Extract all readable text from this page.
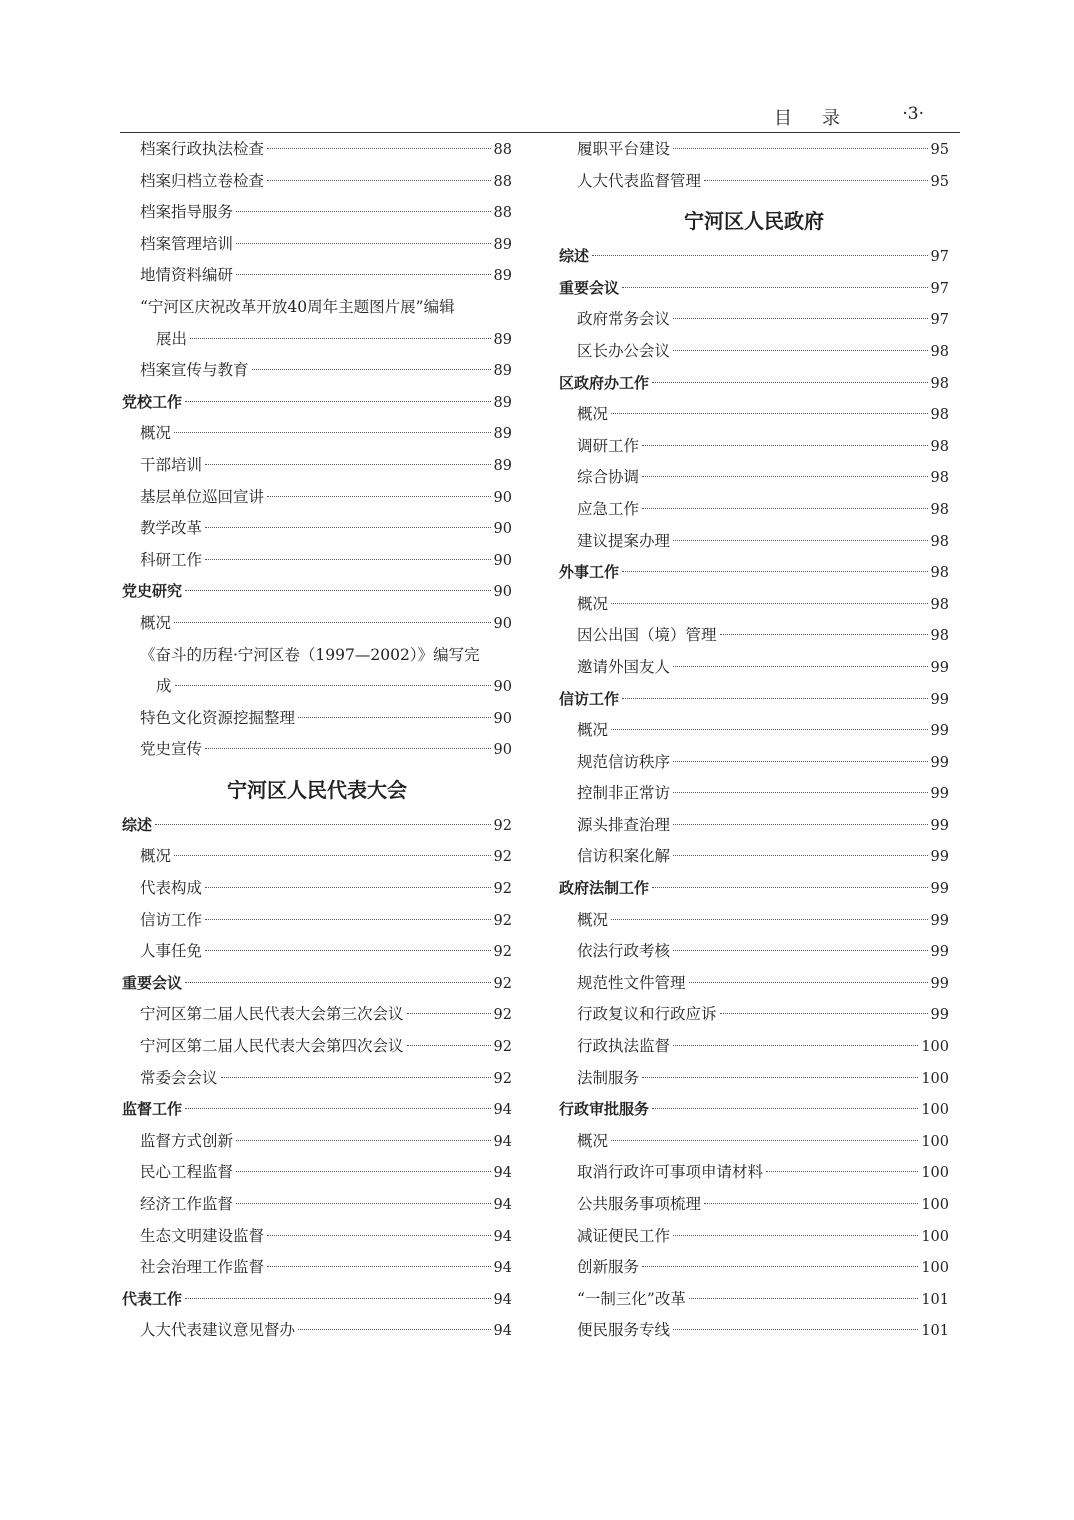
目　录	·3·
档案行政执法检查	88
档案归档立卷检查	88
档案指导服务	88
档案管理培训	89
地情资料编研	89
“宁河区庆祝改革开放40周年主题图片展”编辑
展出	89
档案宣传与教育	89
党校工作	89
概况	89
干部培训	89
基层单位巡回宣讲	90
教学改革	90
科研工作	90
党史研究	90
概况	90
《奋斗的历程·宁河区卷（1997—2002）》编写完
成	90
特色文化资源挖掘整理	90
党史宣传	90
宁河区人民代表大会
综述	92
概况	92
代表构成	92
信访工作	92
人事任免	92
重要会议	92
宁河区第二届人民代表大会第三次会议	92
宁河区第二届人民代表大会第四次会议	92
常委会会议	92
监督工作	94
监督方式创新	94
民心工程监督	94
经济工作监督	94
生态文明建设监督	94
社会治理工作监督	94
代表工作	94
人大代表建议意见督办	94
履职平台建设	95
人大代表监督管理	95
宁河区人民政府
综述	97
重要会议	97
政府常务会议	97
区长办公会议	98
区政府办工作	98
概况	98
调研工作	98
综合协调	98
应急工作	98
建议提案办理	98
外事工作	98
概况	98
因公出国（境）管理	98
邀请外国友人	99
信访工作	99
概况	99
规范信访秩序	99
控制非正常访	99
源头排查治理	99
信访积案化解	99
政府法制工作	99
概况	99
依法行政考核	99
规范性文件管理	99
行政复议和行政应诉	99
行政执法监督	100
法制服务	100
行政审批服务	100
概况	100
取消行政许可事项申请材料	100
公共服务事项梳理	100
减证便民工作	100
创新服务	100
“一制三化”改革	101
便民服务专线	101
